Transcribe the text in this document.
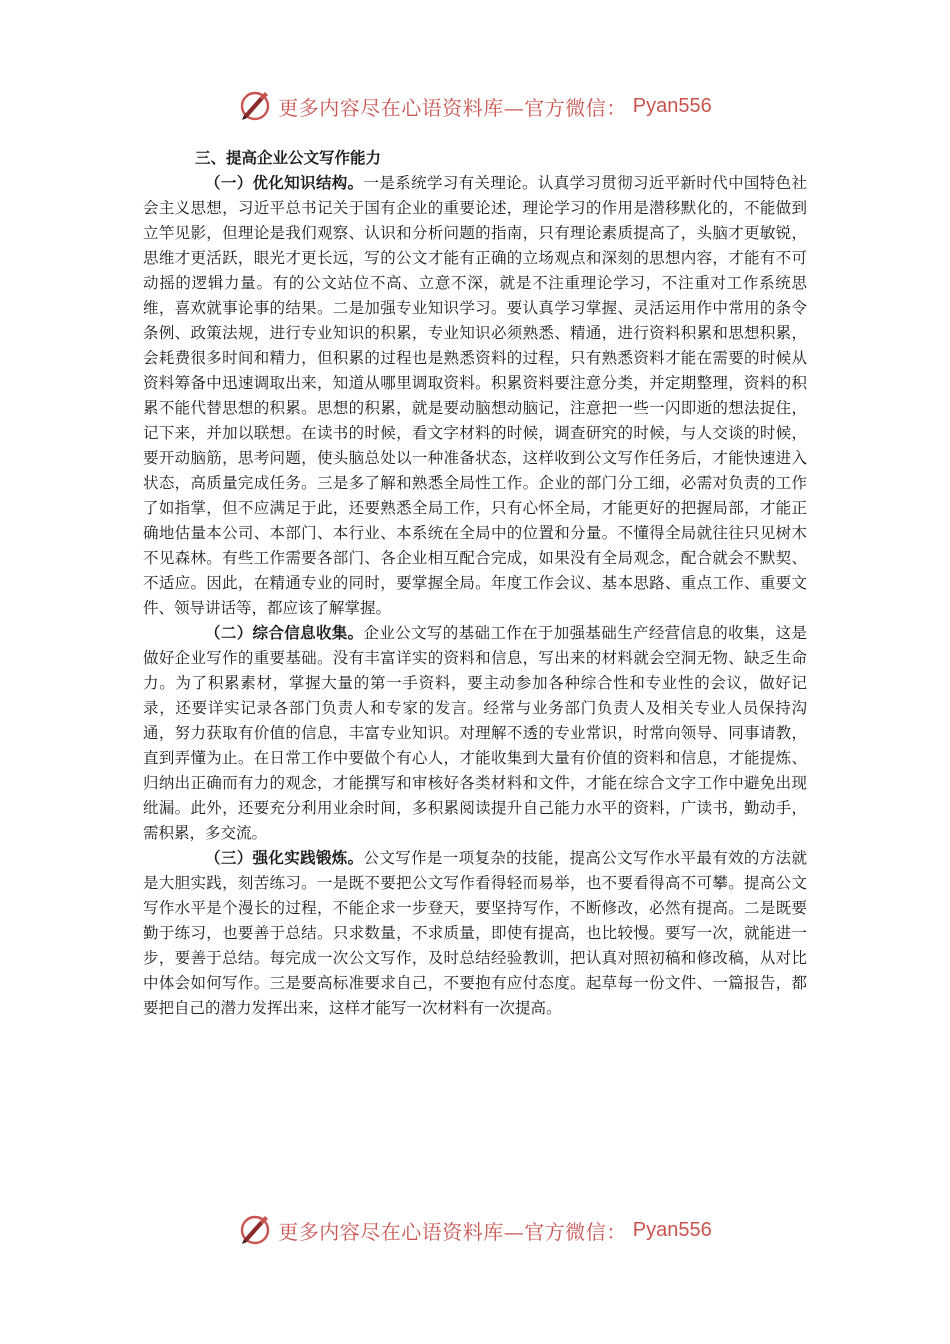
更多内容尽在心语资料库—官方微信： Pyan556

三、提高企业公文写作能力

（一）优化知识结构。一是系统学习有关理论。认真学习贯彻习近平新时代中国特色社会主义思想，习近平总书记关于国有企业的重要论述，理论学习的作用是潜移默化的，不能做到立竿见影，但理论是我们观察、认识和分析问题的指南，只有理论素质提高了，头脑才更敏锐，思维才更活跃，眼光才更长远，写的公文才能有正确的立场观点和深刻的思想内容，才能有不可动摇的逻辑力量。有的公文站位不高、立意不深，就是不注重理论学习，不注重对工作系统思维，喜欢就事论事的结果。二是加强专业知识学习。要认真学习掌握、灵活运用作中常用的条令条例、政策法规，进行专业知识的积累，专业知识必须熟悉、精通，进行资料积累和思想积累，会耗费很多时间和精力，但积累的过程也是熟悉资料的过程，只有熟悉资料才能在需要的时候从资料筹备中迅速调取出来，知道从哪里调取资料。积累资料要注意分类，并定期整理，资料的积累不能代替思想的积累。思想的积累，就是要动脑想动脑记，注意把一些一闪即逝的想法捉住，记下来，并加以联想。在读书的时候，看文字材料的时候，调查研究的时候，与人交谈的时候，要开动脑筋，思考问题，使头脑总处以一种准备状态，这样收到公文写作任务后，才能快速进入状态，高质量完成任务。三是多了解和熟悉全局性工作。企业的部门分工细，必需对负责的工作了如指掌，但不应满足于此，还要熟悉全局工作，只有心怀全局，才能更好的把握局部，才能正确地估量本公司、本部门、本行业、本系统在全局中的位置和分量。不懂得全局就往往只见树木不见森林。有些工作需要各部门、各企业相互配合完成，如果没有全局观念，配合就会不默契、不适应。因此，在精通专业的同时，要掌握全局。年度工作会议、基本思路、重点工作、重要文件、领导讲话等，都应该了解掌握。

（二）综合信息收集。企业公文写的基础工作在于加强基础生产经营信息的收集，这是做好企业写作的重要基础。没有丰富详实的资料和信息，写出来的材料就会空洞无物、缺乏生命力。为了积累素材，掌握大量的第一手资料，要主动参加各种综合性和专业性的会议，做好记录，还要详实记录各部门负责人和专家的发言。经常与业务部门负责人及相关专业人员保持沟通，努力获取有价值的信息，丰富专业知识。对理解不透的专业常识，时常向领导、同事请教，直到弄懂为止。在日常工作中要做个有心人，才能收集到大量有价值的资料和信息，才能提炼、归纳出正确而有力的观念，才能撰写和审核好各类材料和文件，才能在综合文字工作中避免出现纰漏。此外，还要充分利用业余时间，多积累阅读提升自己能力水平的资料，广读书，勤动手，需积累，多交流。

（三）强化实践锻炼。公文写作是一项复杂的技能，提高公文写作水平最有效的方法就是大胆实践，刻苦练习。一是既不要把公文写作看得轻而易举，也不要看得高不可攀。提高公文写作水平是个漫长的过程，不能企求一步登天，要坚持写作，不断修改，必然有提高。二是既要勤于练习，也要善于总结。只求数量，不求质量，即使有提高，也比较慢。要写一次，就能进一步，要善于总结。每完成一次公文写作，及时总结经验教训，把认真对照初稿和修改稿，从对比中体会如何写作。三是要高标准要求自己，不要抱有应付态度。起草每一份文件、一篇报告，都要把自己的潜力发挥出来，这样才能写一次材料有一次提高。

更多内容尽在心语资料库—官方微信： Pyan556
